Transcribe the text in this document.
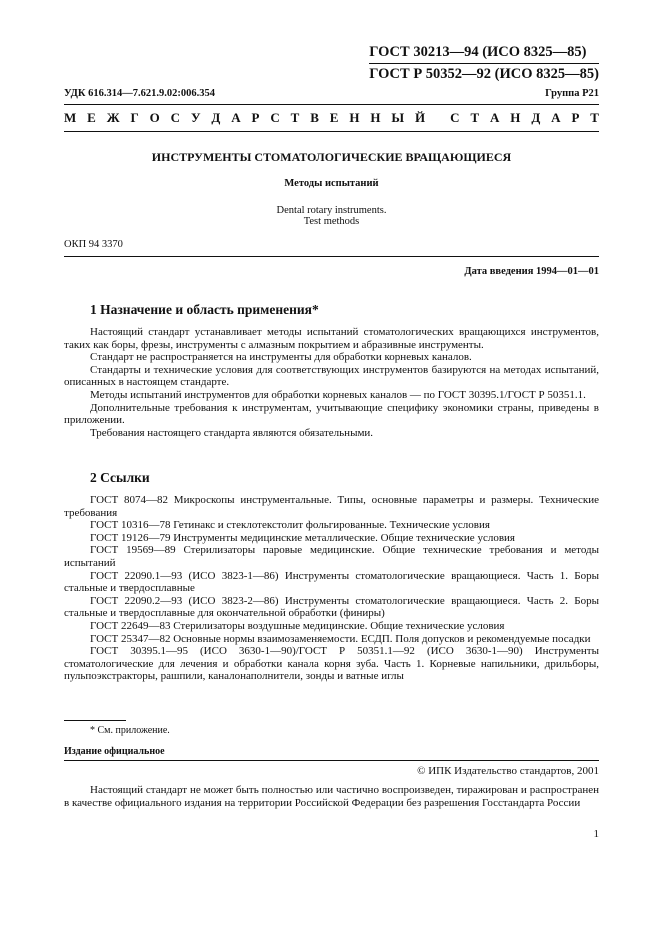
ГОСТ 30213—94 (ИСО 8325—85)
ГОСТ Р 50352—92 (ИСО 8325—85)
УДК 616.314—7.621.9.02:006.354	Группа Р21
М Е Ж Г О С У Д А Р С Т В Е Н Н Ы Й
С Т А Н Д А Р Т
ИНСТРУМЕНТЫ СТОМАТОЛОГИЧЕСКИЕ ВРАЩАЮЩИЕСЯ
Методы испытаний
Dental rotary instruments.
Test methods
ОКП 94 3370
Дата введения 1994—01—01
1 Назначение и область применения*

Настоящий стандарт устанавливает методы испытаний стоматологических вращающихся инструментов, таких как боры, фрезы, инструменты с алмазным покрытием и абразивные инструменты.

Стандарт не распространяется на инструменты для обработки корневых каналов.

Стандарты и технические условия для соответствующих инструментов базируются на методах испытаний, описанных в настоящем стандарте.

Методы испытаний инструментов для обработки корневых каналов — по ГОСТ 30395.1/ГОСТ Р 50351.1.

Дополнительные требования к инструментам, учитывающие специфику экономики страны, приведены в приложении.

Требования настоящего стандарта являются обязательными.

2 Ссылки

ГОСТ 8074—82 Микроскопы инструментальные. Типы, основные параметры и размеры. Технические требования

ГОСТ 10316—78 Гетинакс и стеклотекстолит фольгированные. Технические условия

ГОСТ 19126—79 Инструменты медицинские металлические. Общие технические условия

ГОСТ 19569—89 Стерилизаторы паровые медицинские. Общие технические требования и методы испытаний

ГОСТ 22090.1—93 (ИСО 3823-1—86) Инструменты стоматологические вращающиеся. Часть 1. Боры стальные и твердосплавные

ГОСТ 22090.2—93 (ИСО 3823-2—86) Инструменты стоматологические вращающиеся. Часть 2. Боры стальные и твердосплавные для окончательной обработки (финиры)

ГОСТ 22649—83 Стерилизаторы воздушные медицинские. Общие технические условия

ГОСТ 25347—82 Основные нормы взаимозаменяемости. ЕСДП. Поля допусков и рекомендуемые посадки

ГОСТ 30395.1—95 (ИСО 3630-1—90)/ГОСТ Р 50351.1—92 (ИСО 3630-1—90) Инструменты стоматологические для лечения и обработки канала корня зуба. Часть 1. Корневые напильники, дрильборы, пульпоэкстракторы, рашпили, каналонаполнители, зонды и ватные иглы

* См. приложение.
Издание официальное
© ИПК Издательство стандартов, 2001

Настоящий стандарт не может быть полностью или частично воспроизведен, тиражирован и распространен в качестве официального издания на территории Российской Федерации без разрешения Госстандарта России

1
